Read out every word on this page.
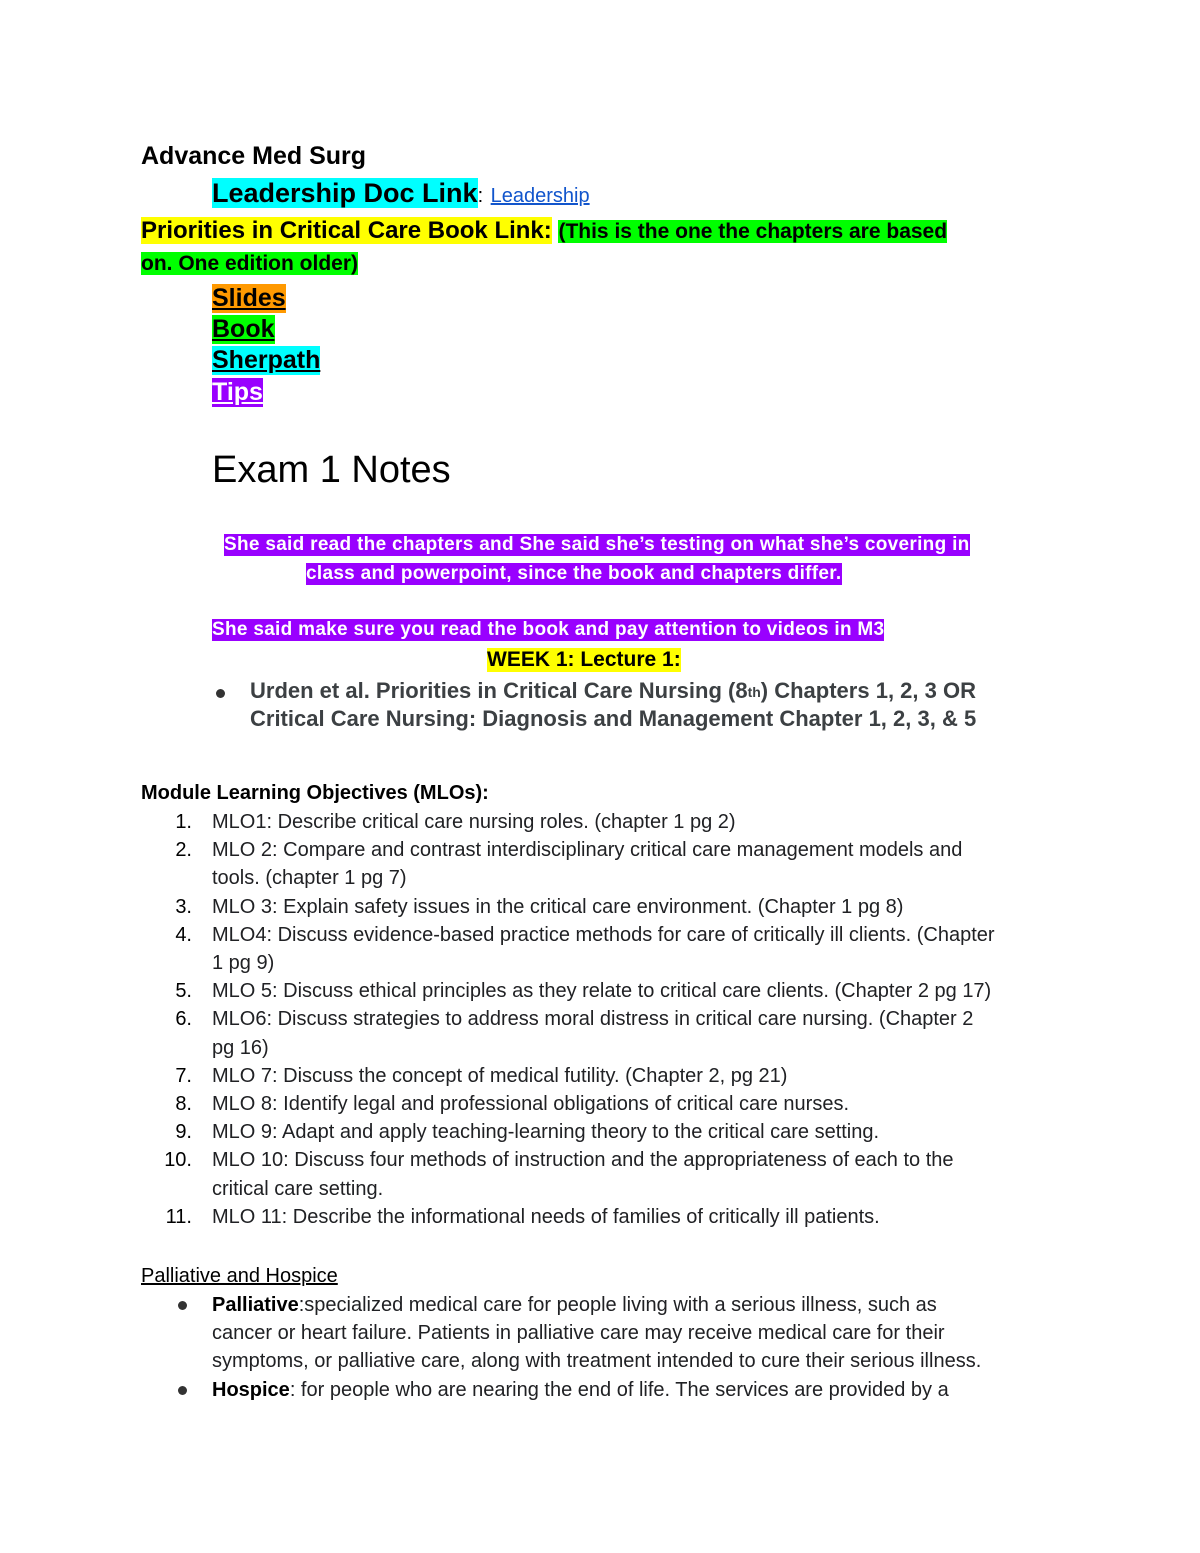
Advance Med Surg
Leadership Doc Link: Leadership
Priorities in Critical Care Book Link: (This is the one the chapters are based
on. One edition older)
Slides
Book
Sherpath
Tips
Exam 1 Notes
She said read the chapters and She said she’s testing on what she’s covering in
class and powerpoint, since the book and chapters differ.
She said make sure you read the book and pay attention to videos in M3
WEEK 1: Lecture 1:
Urden et al. Priorities in Critical Care Nursing (8th) Chapters 1, 2, 3 OR
Critical Care Nursing: Diagnosis and Management Chapter 1, 2, 3, & 5
Module Learning Objectives (MLOs):
1. MLO1: Describe critical care nursing roles. (chapter 1 pg 2)
2. MLO 2: Compare and contrast interdisciplinary critical care management models and
tools. (chapter 1 pg 7)
3. MLO 3: Explain safety issues in the critical care environment. (Chapter 1 pg 8)
4. MLO4: Discuss evidence-based practice methods for care of critically ill clients. (Chapter
1 pg 9)
5. MLO 5: Discuss ethical principles as they relate to critical care clients. (Chapter 2 pg 17)
6. MLO6: Discuss strategies to address moral distress in critical care nursing. (Chapter 2
pg 16)
7. MLO 7: Discuss the concept of medical futility. (Chapter 2, pg 21)
8. MLO 8: Identify legal and professional obligations of critical care nurses.
9. MLO 9: Adapt and apply teaching-learning theory to the critical care setting.
10. MLO 10: Discuss four methods of instruction and the appropriateness of each to the
critical care setting.
11. MLO 11: Describe the informational needs of families of critically ill patients.
Palliative and Hospice
Palliative:specialized medical care for people living with a serious illness, such as
cancer or heart failure. Patients in palliative care may receive medical care for their
symptoms, or palliative care, along with treatment intended to cure their serious illness.
Hospice: for people who are nearing the end of life. The services are provided by a
